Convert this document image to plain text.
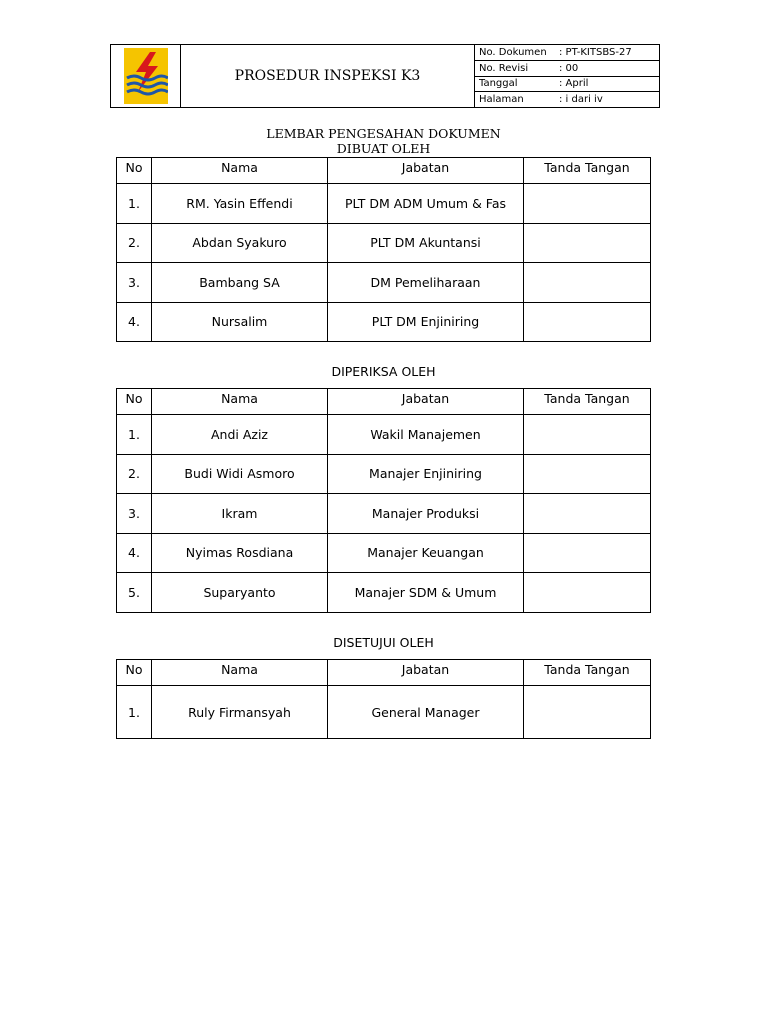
PROSEDUR INSPEKSI K3
No. Dokumen	: PT-KITSBS-27
No. Revisi	: 00
Tanggal	: April
Halaman	: i dari iv
LEMBAR PENGESAHAN DOKUMEN
DIBUAT OLEH
No	Nama	Jabatan	Tanda Tangan
1.	RM. Yasin Effendi	PLT DM ADM Umum & Fas	
2.	Abdan Syakuro	PLT DM Akuntansi	
3.	Bambang SA	DM Pemeliharaan	
4.	Nursalim	PLT DM Enjiniring	
DIPERIKSA OLEH
No	Nama	Jabatan	Tanda Tangan
1.	Andi Aziz	Wakil Manajemen	
2.	Budi Widi Asmoro	Manajer Enjiniring	
3.	Ikram	Manajer Produksi	
4.	Nyimas Rosdiana	Manajer Keuangan	
5.	Suparyanto	Manajer SDM & Umum	
DISETUJUI OLEH
No	Nama	Jabatan	Tanda Tangan
1.	Ruly Firmansyah	General Manager	
